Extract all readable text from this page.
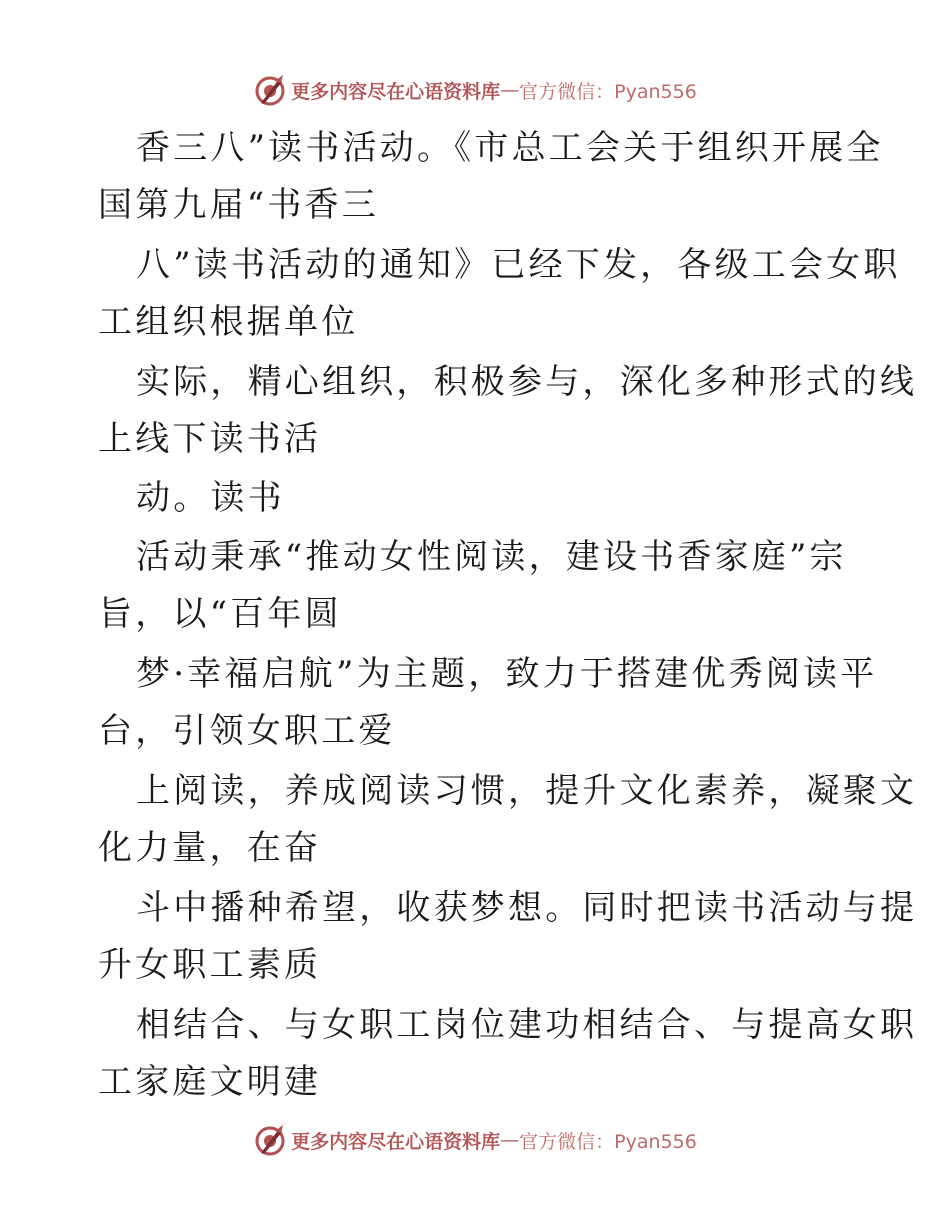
更多内容尽在心语资料库 — 官方微信：Pyan556
香三八”读书活动。《市总工会关于组织开展全
国第九届“书香三
八”读书活动的通知》已经下发，各级工会女职
工组织根据单位
实际，精心组织，积极参与，深化多种形式的线
上线下读书活
动。读书
活动秉承“推动女性阅读，建设书香家庭”宗
旨，以“百年圆
梦·幸福启航”为主题，致力于搭建优秀阅读平
台，引领女职工爱
上阅读，养成阅读习惯，提升文化素养，凝聚文
化力量，在奋
斗中播种希望，收获梦想。同时把读书活动与提
升女职工素质
相结合、与女职工岗位建功相结合、与提高女职
工家庭文明建
更多内容尽在心语资料库 — 官方微信：Pyan556
